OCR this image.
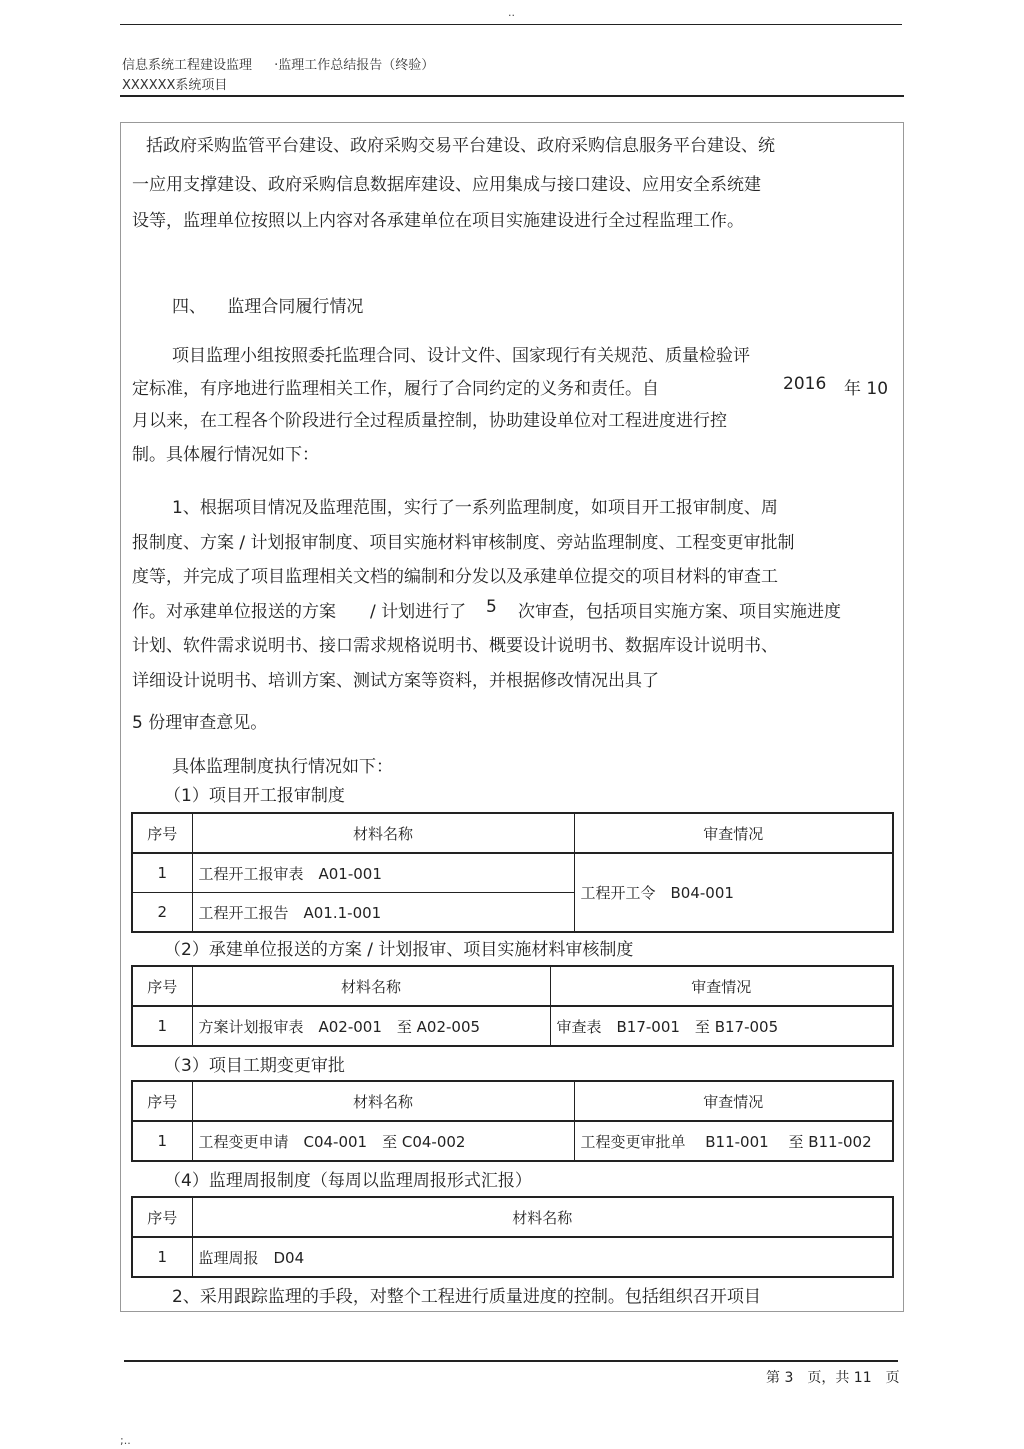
..
信息系统工程建设监理 ·监理工作总结报告（终验）
XXXXXX系统项目
括政府采购监管平台建设、政府采购交易平台建设、政府采购信息服务平台建设、统
一应用支撑建设、政府采购信息数据库建设、应用集成与接口建设、应用安全系统建
设等，监理单位按照以上内容对各承建单位在项目实施建设进行全过程监理工作。
四、 监理合同履行情况
项目监理小组按照委托监理合同、设计文件、国家现行有关规范、质量检验评
定标准，有序地进行监理相关工作，履行了合同约定的义务和责任。自	2016 年 10
月以来，在工程各个阶段进行全过程质量控制，协助建设单位对工程进度进行控
制。具体履行情况如下：
1、根据项目情况及监理范围，实行了一系列监理制度，如项目开工报审制度、周
报制度、方案 / 计划报审制度、项目实施材料审核制度、旁站监理制度、工程变更审批制
度等，并完成了项目监理相关文档的编制和分发以及承建单位提交的项目材料的审查工
作。对承建单位报送的方案 / 计划进行了 5 次审查，包括项目实施方案、项目实施进度
计划、软件需求说明书、接口需求规格说明书、概要设计说明书、数据库设计说明书、
详细设计说明书、培训方案、测试方案等资料，并根据修改情况出具了
5 份理审查意见。
具体监理制度执行情况如下：
（1）项目开工报审制度
序号	材料名称	审查情况
1	工程开工报审表　A01-001	工程开工令　B04-001
2	工程开工报告　A01.1-001	
（2）承建单位报送的方案 / 计划报审、项目实施材料审核制度
序号	材料名称	审查情况
1	方案计划报审表　A02-001　至 A02-005	审查表　B17-001　至 B17-005
（3）项目工期变更审批
序号	材料名称	审查情况
1	工程变更申请　C04-001　至 C04-002	工程变更审批单　 B11-001　 至 B11-002
（4）监理周报制度（每周以监理周报形式汇报）
序号	材料名称
1	监理周报　D04
2、采用跟踪监理的手段，对整个工程进行质量进度的控制。包括组织召开项目
第 3　页，共 11　页
;..
